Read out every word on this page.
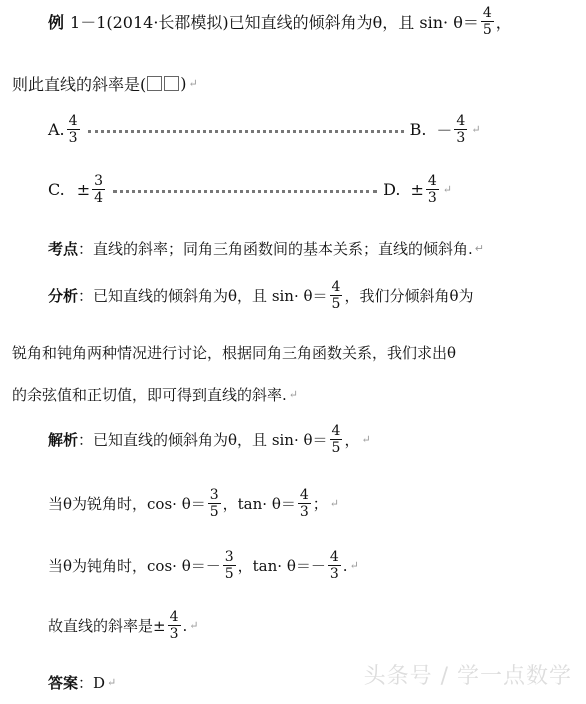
例 1－1(2014·长郡模拟)已知直线的倾斜角为θ，且 $\sin\cdot \theta= \frac{4}{5}$ ，
则此直线的斜率是( ) ↵
A. $\frac{4}{3}$	B. － $\frac{4}{3}$ ↵
C. ± $\frac{3}{4}$	D. ± $\frac{4}{3}$ ↵
考点 ：直线的斜率；同角三角函数间的基本关系；直线的倾斜角. ↵
分析 ：已知直线的倾斜角为θ，且 $\sin\cdot \theta= \frac{4}{5}$ ，我们分倾斜角θ为
锐角和钝角两种情况进行讨论，根据同角三角函数关系，我们求出θ
的余弦值和正切值，即可得到直线的斜率. ↵
解析 ：已知直线的倾斜角为θ，且 $\sin\cdot \theta= \frac{4}{5}$ ， ↵
当θ为锐角时，$\cos\cdot \theta= \frac{3}{5}$ ，$\tan\cdot \theta= \frac{4}{3}$ ； ↵
当θ为钝角时，$\cos\cdot \theta=- \frac{3}{5}$ ，$\tan\cdot \theta=- \frac{4}{3}$ . ↵
故直线的斜率是± $\frac{4}{3}$ . ↵
答案 ：D ↵	头条号 / 学一点数学
